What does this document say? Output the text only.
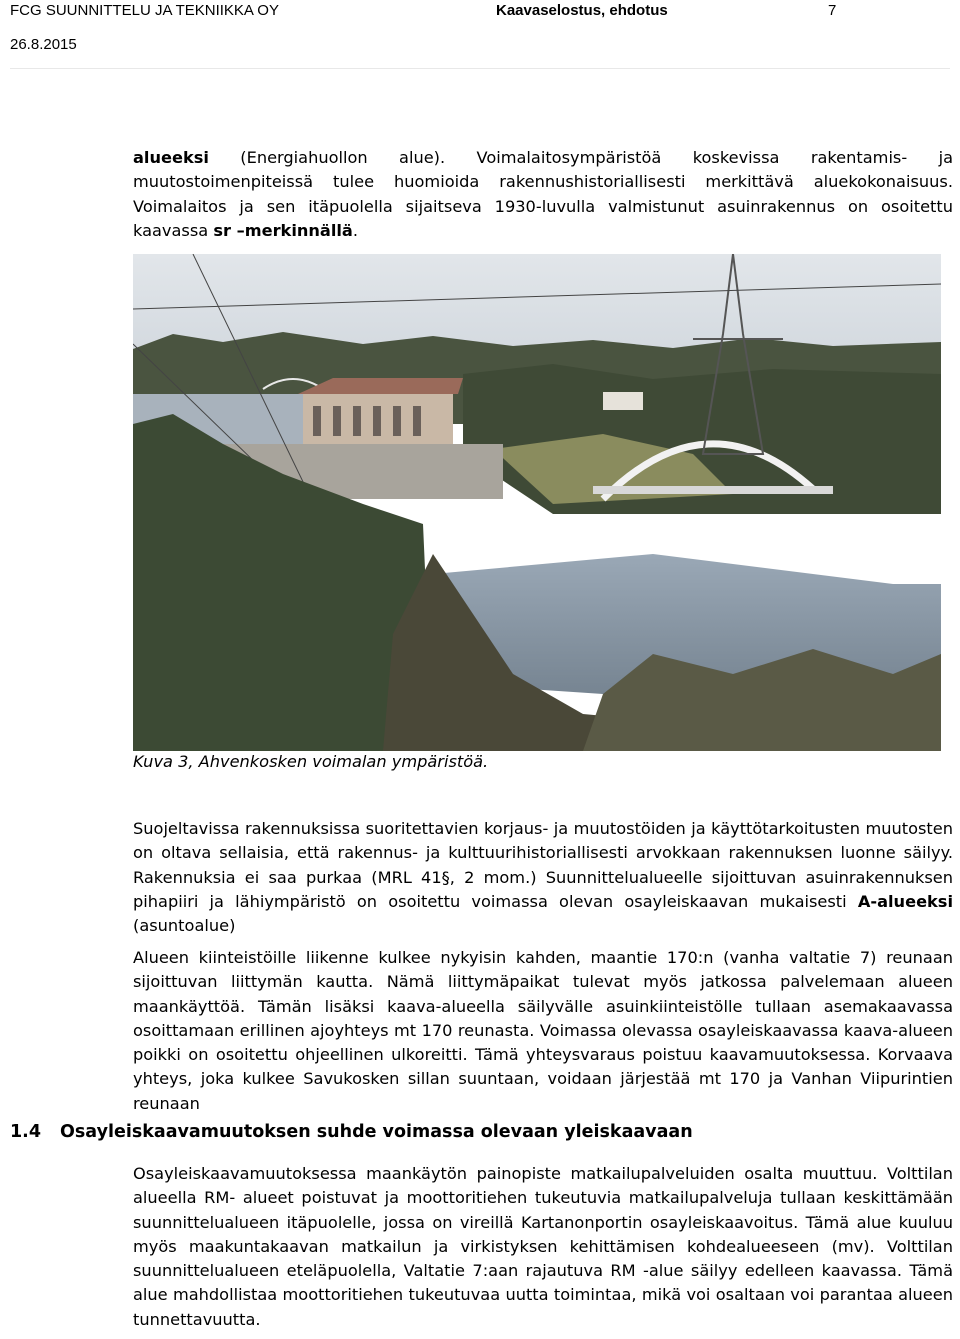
FCG SUUNNITTELU JA TEKNIIKKA OY	Kaavaselostus, ehdotus	7
26.8.2015

alueeksi (Energiahuollon alue). Voimalaitosympäristöä koskevissa rakentamis- ja muutostoimenpiteissä tulee huomioida rakennushistoriallisesti merkittävä aluekokonaisuus. Voimalaitos ja sen itäpuolella sijaitseva 1930-luvulla valmistunut asuinrakennus on osoitettu kaavassa sr –merkinnällä.

Kuva 3, Ahvenkosken voimalan ympäristöä.

Suojeltavissa rakennuksissa suoritettavien korjaus- ja muutostöiden ja käyttötarkoitusten muutosten on oltava sellaisia, että rakennus- ja kulttuurihistoriallisesti arvokkaan rakennuksen luonne säilyy. Rakennuksia ei saa purkaa (MRL 41§, 2 mom.) Suunnittelualueelle sijoittuvan asuinrakennuksen pihapiiri ja lähiympäristö on osoitettu voimassa olevan osayleiskaavan mukaisesti A-alueeksi (asuntoalue)

Alueen kiinteistöille liikenne kulkee nykyisin kahden, maantie 170:n (vanha valtatie 7) reunaan sijoittuvan liittymän kautta. Nämä liittymäpaikat tulevat myös jatkossa palvelemaan alueen maankäyttöä. Tämän lisäksi kaava-alueella säilyvälle asuinkiinteistölle tullaan asemakaavassa osoittamaan erillinen ajoyhteys mt 170 reunasta. Voimassa olevassa osayleiskaavassa kaava-alueen poikki on osoitettu ohjeellinen ulkoreitti. Tämä yhteysvaraus poistuu kaavamuutoksessa. Korvaava yhteys, joka kulkee Savukosken sillan suuntaan, voidaan järjestää mt 170 ja Vanhan Viipurintien reunaan

1.4 Osayleiskaavamuutoksen suhde voimassa olevaan yleiskaavaan

Osayleiskaavamuutoksessa maankäytön painopiste matkailupalveluiden osalta muuttuu. Volttilan alueella RM- alueet poistuvat ja moottoritiehen tukeutuvia matkailupalveluja tullaan keskittämään suunnittelualueen itäpuolelle, jossa on vireillä Kartanonportin osayleiskaavoitus. Tämä alue kuuluu myös maakuntakaavan matkailun ja virkistyksen kehittämisen kohdealueeseen (mv). Volttilan suunnittelualueen eteläpuolella, Valtatie 7:aan rajautuva RM -alue säilyy edelleen kaavassa. Tämä alue mahdollistaa moottoritiehen tukeutuvaa uutta toimintaa, mikä voi osaltaan voi parantaa alueen tunnettavuutta.
